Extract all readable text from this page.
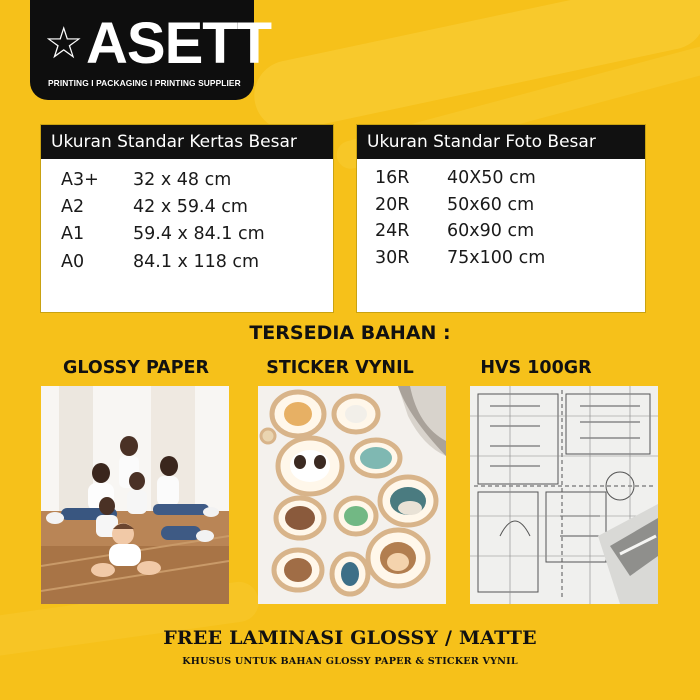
☆ ASETT
PRINTING I PACKAGING I PRINTING SUPPLIER
Ukuran Standar Kertas Besar
A3+ 32 x 48 cm
A2	42 x 59.4 cm
A1	59.4 x 84.1 cm
A0	84.1 x 118 cm
Ukuran Standar Foto Besar
16R 40X50 cm
20R 50x60 cm
24R 60x90 cm
30R 75x100 cm
TERSEDIA BAHAN :
GLOSSY PAPER	STICKER VYNIL	HVS 100GR
FREE LAMINASI GLOSSY / MATTE
KHUSUS UNTUK BAHAN GLOSSY PAPER & STICKER VYNIL
